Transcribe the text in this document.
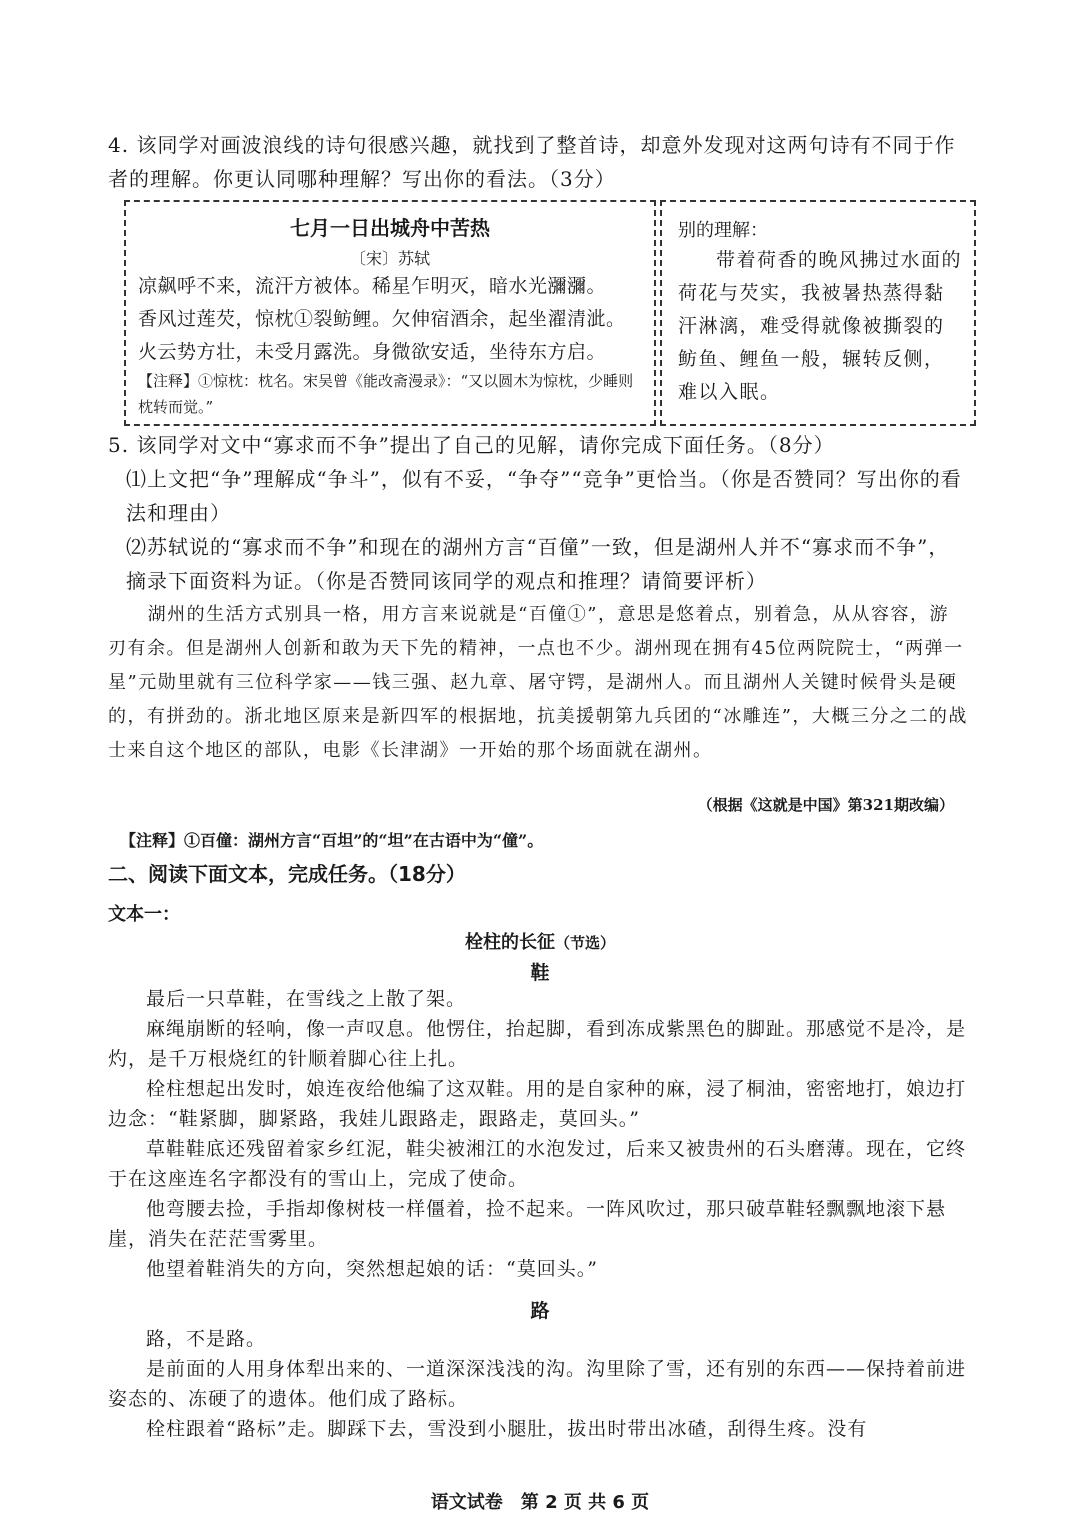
4. 该同学对画波浪线的诗句很感兴趣，就找到了整首诗，却意外发现对这两句诗有不同于作者的理解。你更认同哪种理解？写出你的看法。（3分）
七月一日出城舟中苦热
〔宋〕苏轼
凉飙呼不来，流汗方被体。稀星乍明灭，暗水光瀰瀰。
香风过莲芡，惊枕①裂鲂鲤。欠伸宿酒余，起坐濯清泚。
火云势方壮，未受月露洗。身微欲安适，坐待东方启。
【注释】①惊枕：枕名。宋吴曾《能改斋漫录》：“又以圆木为惊枕，少睡则枕转而觉。”
别的理解：
带着荷香的晚风拂过水面的荷花与芡实，我被暑热蒸得黏汗淋漓，难受得就像被撕裂的鲂鱼、鲤鱼一般，辗转反侧，难以入眠。
5. 该同学对文中“寡求而不争”提出了自己的见解，请你完成下面任务。（8分）
⑴上文把“争”理解成“争斗”，似有不妥，“争夺”“竞争”更恰当。（你是否赞同？写出你的看法和理由）
⑵苏轼说的“寡求而不争”和现在的湖州方言“百僮”一致，但是湖州人并不“寡求而不争”，摘录下面资料为证。（你是否赞同该同学的观点和推理？请简要评析）
湖州的生活方式别具一格，用方言来说就是“百僮①”，意思是悠着点，别着急，从从容容，游刃有余。但是湖州人创新和敢为天下先的精神，一点也不少。湖州现在拥有45位两院院士，“两弹一星”元勋里就有三位科学家——钱三强、赵九章、屠守锷，是湖州人。而且湖州人关键时候骨头是硬的，有拼劲的。浙北地区原来是新四军的根据地，抗美援朝第九兵团的“冰雕连”，大概三分之二的战士来自这个地区的部队，电影《长津湖》一开始的那个场面就在湖州。
（根据《这就是中国》第321期改编）
【注释】①百僮：湖州方言“百坦”的“坦”在古语中为“僮”。
二、阅读下面文本，完成任务。（18分）
文本一：
栓柱的长征（节选）
鞋

最后一只草鞋，在雪线之上散了架。

麻绳崩断的轻响，像一声叹息。他愣住，抬起脚，看到冻成紫黑色的脚趾。那感觉不是冷，是灼，是千万根烧红的针顺着脚心往上扎。

栓柱想起出发时，娘连夜给他编了这双鞋。用的是自家种的麻，浸了桐油，密密地打，娘边打边念：“鞋紧脚，脚紧路，我娃儿跟路走，跟路走，莫回头。”

草鞋鞋底还残留着家乡红泥，鞋尖被湘江的水泡发过，后来又被贵州的石头磨薄。现在，它终于在这座连名字都没有的雪山上，完成了使命。

他弯腰去捡，手指却像树枝一样僵着，捡不起来。一阵风吹过，那只破草鞋轻飘飘地滚下悬崖，消失在茫茫雪雾里。

他望着鞋消失的方向，突然想起娘的话：“莫回头。”

路

路，不是路。

是前面的人用身体犁出来的、一道深深浅浅的沟。沟里除了雪，还有别的东西——保持着前进姿态的、冻硬了的遗体。他们成了路标。

栓柱跟着“路标”走。脚踩下去，雪没到小腿肚，拔出时带出冰碴，刮得生疼。没有

语文试卷　第 2 页 共 6 页
